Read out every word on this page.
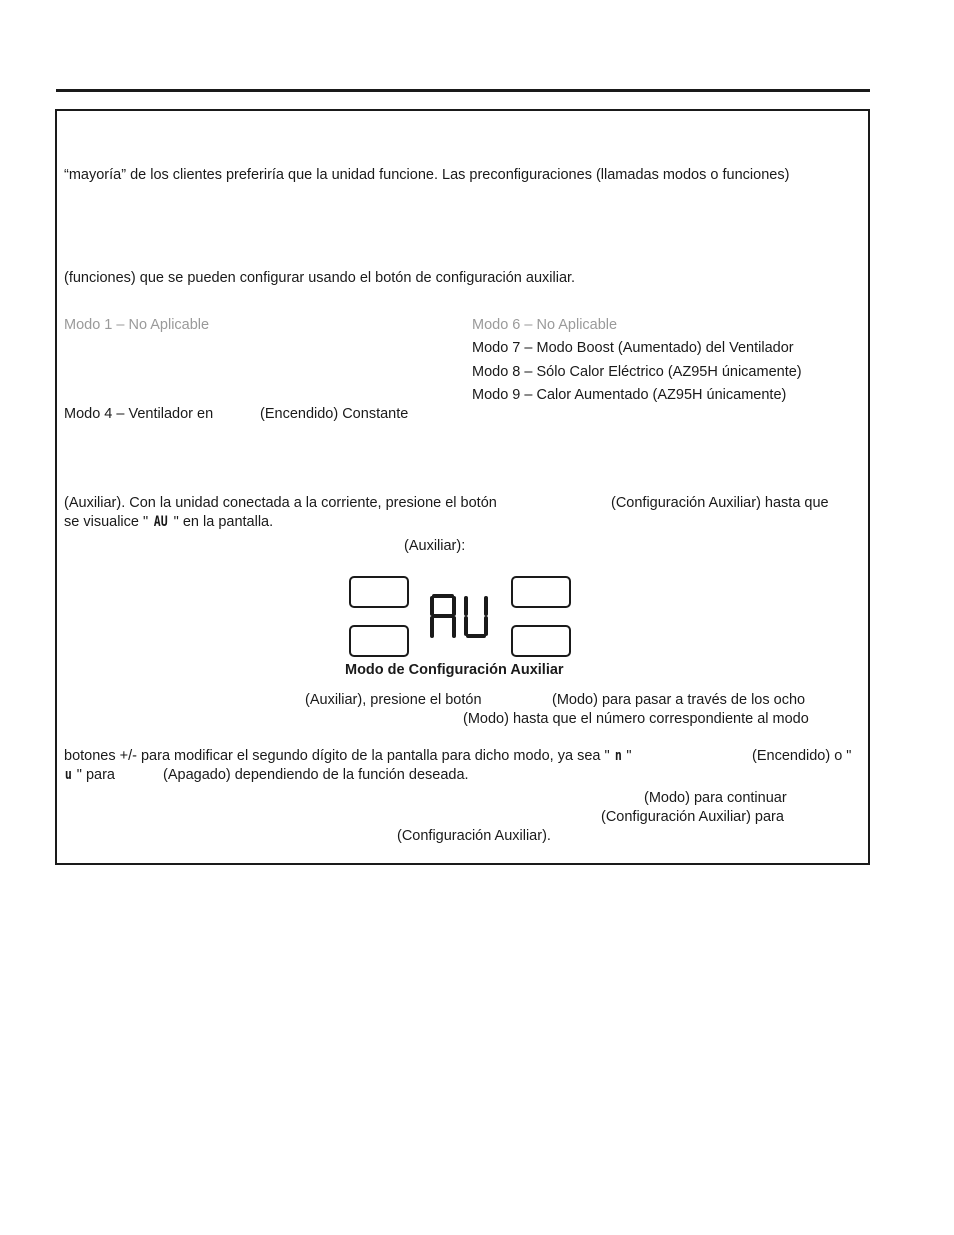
“mayoría” de los clientes preferiría que la unidad funcione. Las preconfiguraciones (llamadas modos o funciones)
(funciones) que se pueden configurar usando el botón de configuración auxiliar.
Modo 1 – No Aplicable
Modo 4 – Ventilador en	(Encendido) Constante
Modo 6 – No Aplicable
Modo 7 – Modo Boost (Aumentado) del Ventilador
Modo 8 – Sólo Calor Eléctrico (AZ95H únicamente)
Modo 9 – Calor Aumentado (AZ95H únicamente)
(Auxiliar). Con la unidad conectada a la corriente, presione el botón	(Configuración Auxiliar) hasta que
se visualice " AU " en la pantalla.
(Auxiliar):
AU
Modo de Configuración Auxiliar
(Auxiliar), presione el botón	(Modo) para pasar a través de los ocho
(Modo) hasta que el número correspondiente al modo
botones +/- para modificar el segundo dígito de la pantalla para dicho modo, ya sea " n "	(Encendido) o "
u " para	(Apagado) dependiendo de la función deseada.
(Modo) para continuar
(Configuración Auxiliar) para
(Configuración Auxiliar).
